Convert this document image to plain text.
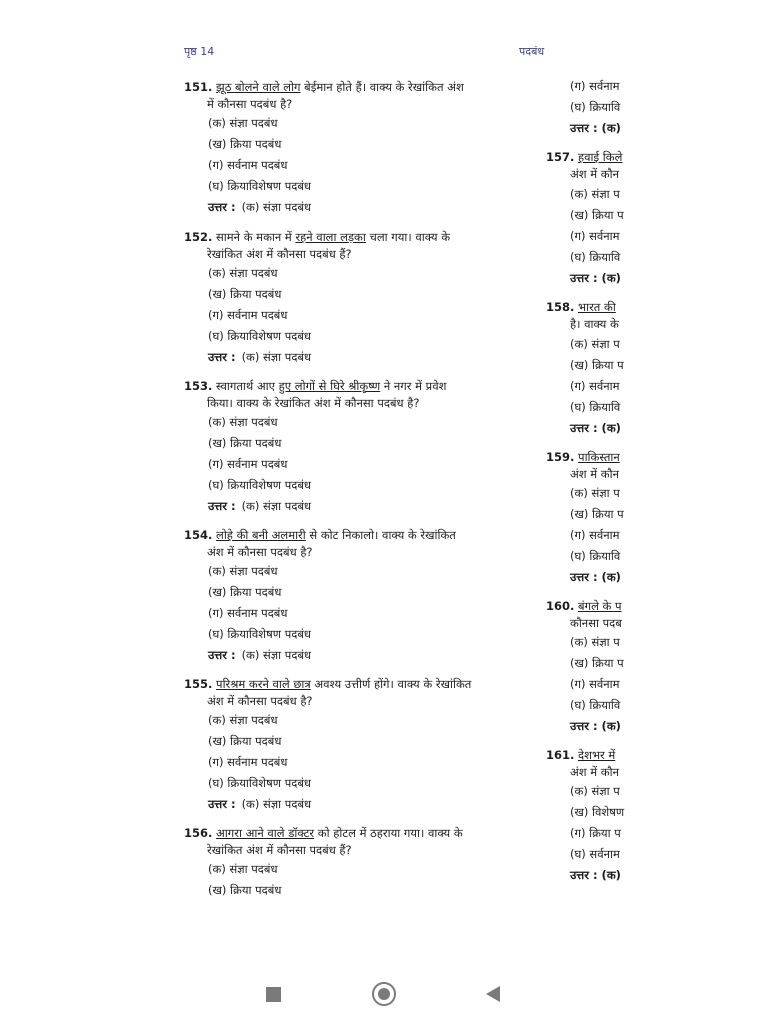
पृष्ठ 14	पदबंध
151. झूठ बोलने वाले लोग बेईमान होते हैं। वाक्य के रेखांकित अंश
में कौनसा पदबंध है?
(क) संज्ञा पदबंध
(ख) क्रिया पदबंध
(ग) सर्वनाम पदबंध
(घ) क्रियाविशेषण पदबंध
उत्तर : (क) संज्ञा पदबंध
152. सामने के मकान में रहने वाला लड़का चला गया। वाक्य के
रेखांकित अंश में कौनसा पदबंध हैं?
(क) संज्ञा पदबंध
(ख) क्रिया पदबंध
(ग) सर्वनाम पदबंध
(घ) क्रियाविशेषण पदबंध
उत्तर : (क) संज्ञा पदबंध
153. स्वागतार्थ आए हुए लोगों से घिरे श्रीकृष्ण ने नगर में प्रवेश
किया। वाक्य के रेखांकित अंश में कौनसा पदबंध है?
(क) संज्ञा पदबंध
(ख) क्रिया पदबंध
(ग) सर्वनाम पदबंध
(घ) क्रियाविशेषण पदबंध
उत्तर : (क) संज्ञा पदबंध
154. लोहे की बनी अलमारी से कोट निकालो। वाक्य के रेखांकित
अंश में कौनसा पदबंध है?
(क) संज्ञा पदबंध
(ख) क्रिया पदबंध
(ग) सर्वनाम पदबंध
(घ) क्रियाविशेषण पदबंध
उत्तर : (क) संज्ञा पदबंध
155. परिश्रम करने वाले छात्र अवश्य उत्तीर्ण होंगे। वाक्य के रेखांकित
अंश में कौनसा पदबंध है?
(क) संज्ञा पदबंध
(ख) क्रिया पदबंध
(ग) सर्वनाम पदबंध
(घ) क्रियाविशेषण पदबंध
उत्तर : (क) संज्ञा पदबंध
156. आगरा आने वाले डॉक्टर को होटल में ठहराया गया। वाक्य के
रेखांकित अंश में कौनसा पदबंध हैं?
(क) संज्ञा पदबंध
(ख) क्रिया पदबंध
(ग) सर्वनाम
(घ) क्रियावि
उत्तर : (क)
157. हवाई किले
अंश में कौन
(क) संज्ञा प
(ख) क्रिया प
(ग) सर्वनाम
(घ) क्रियावि
उत्तर : (क)
158. भारत की
है। वाक्य के
(क) संज्ञा प
(ख) क्रिया प
(ग) सर्वनाम
(घ) क्रियावि
उत्तर : (क)
159. पाकिस्तान
अंश में कौन
(क) संज्ञा प
(ख) क्रिया प
(ग) सर्वनाम
(घ) क्रियावि
उत्तर : (क)
160. बंगले के प
कौनसा पदब
(क) संज्ञा प
(ख) क्रिया प
(ग) सर्वनाम
(घ) क्रियावि
उत्तर : (क)
161. देशभर में
अंश में कौन
(क) संज्ञा प
(ख) विशेषण
(ग) क्रिया प
(घ) सर्वनाम
उत्तर : (क)
